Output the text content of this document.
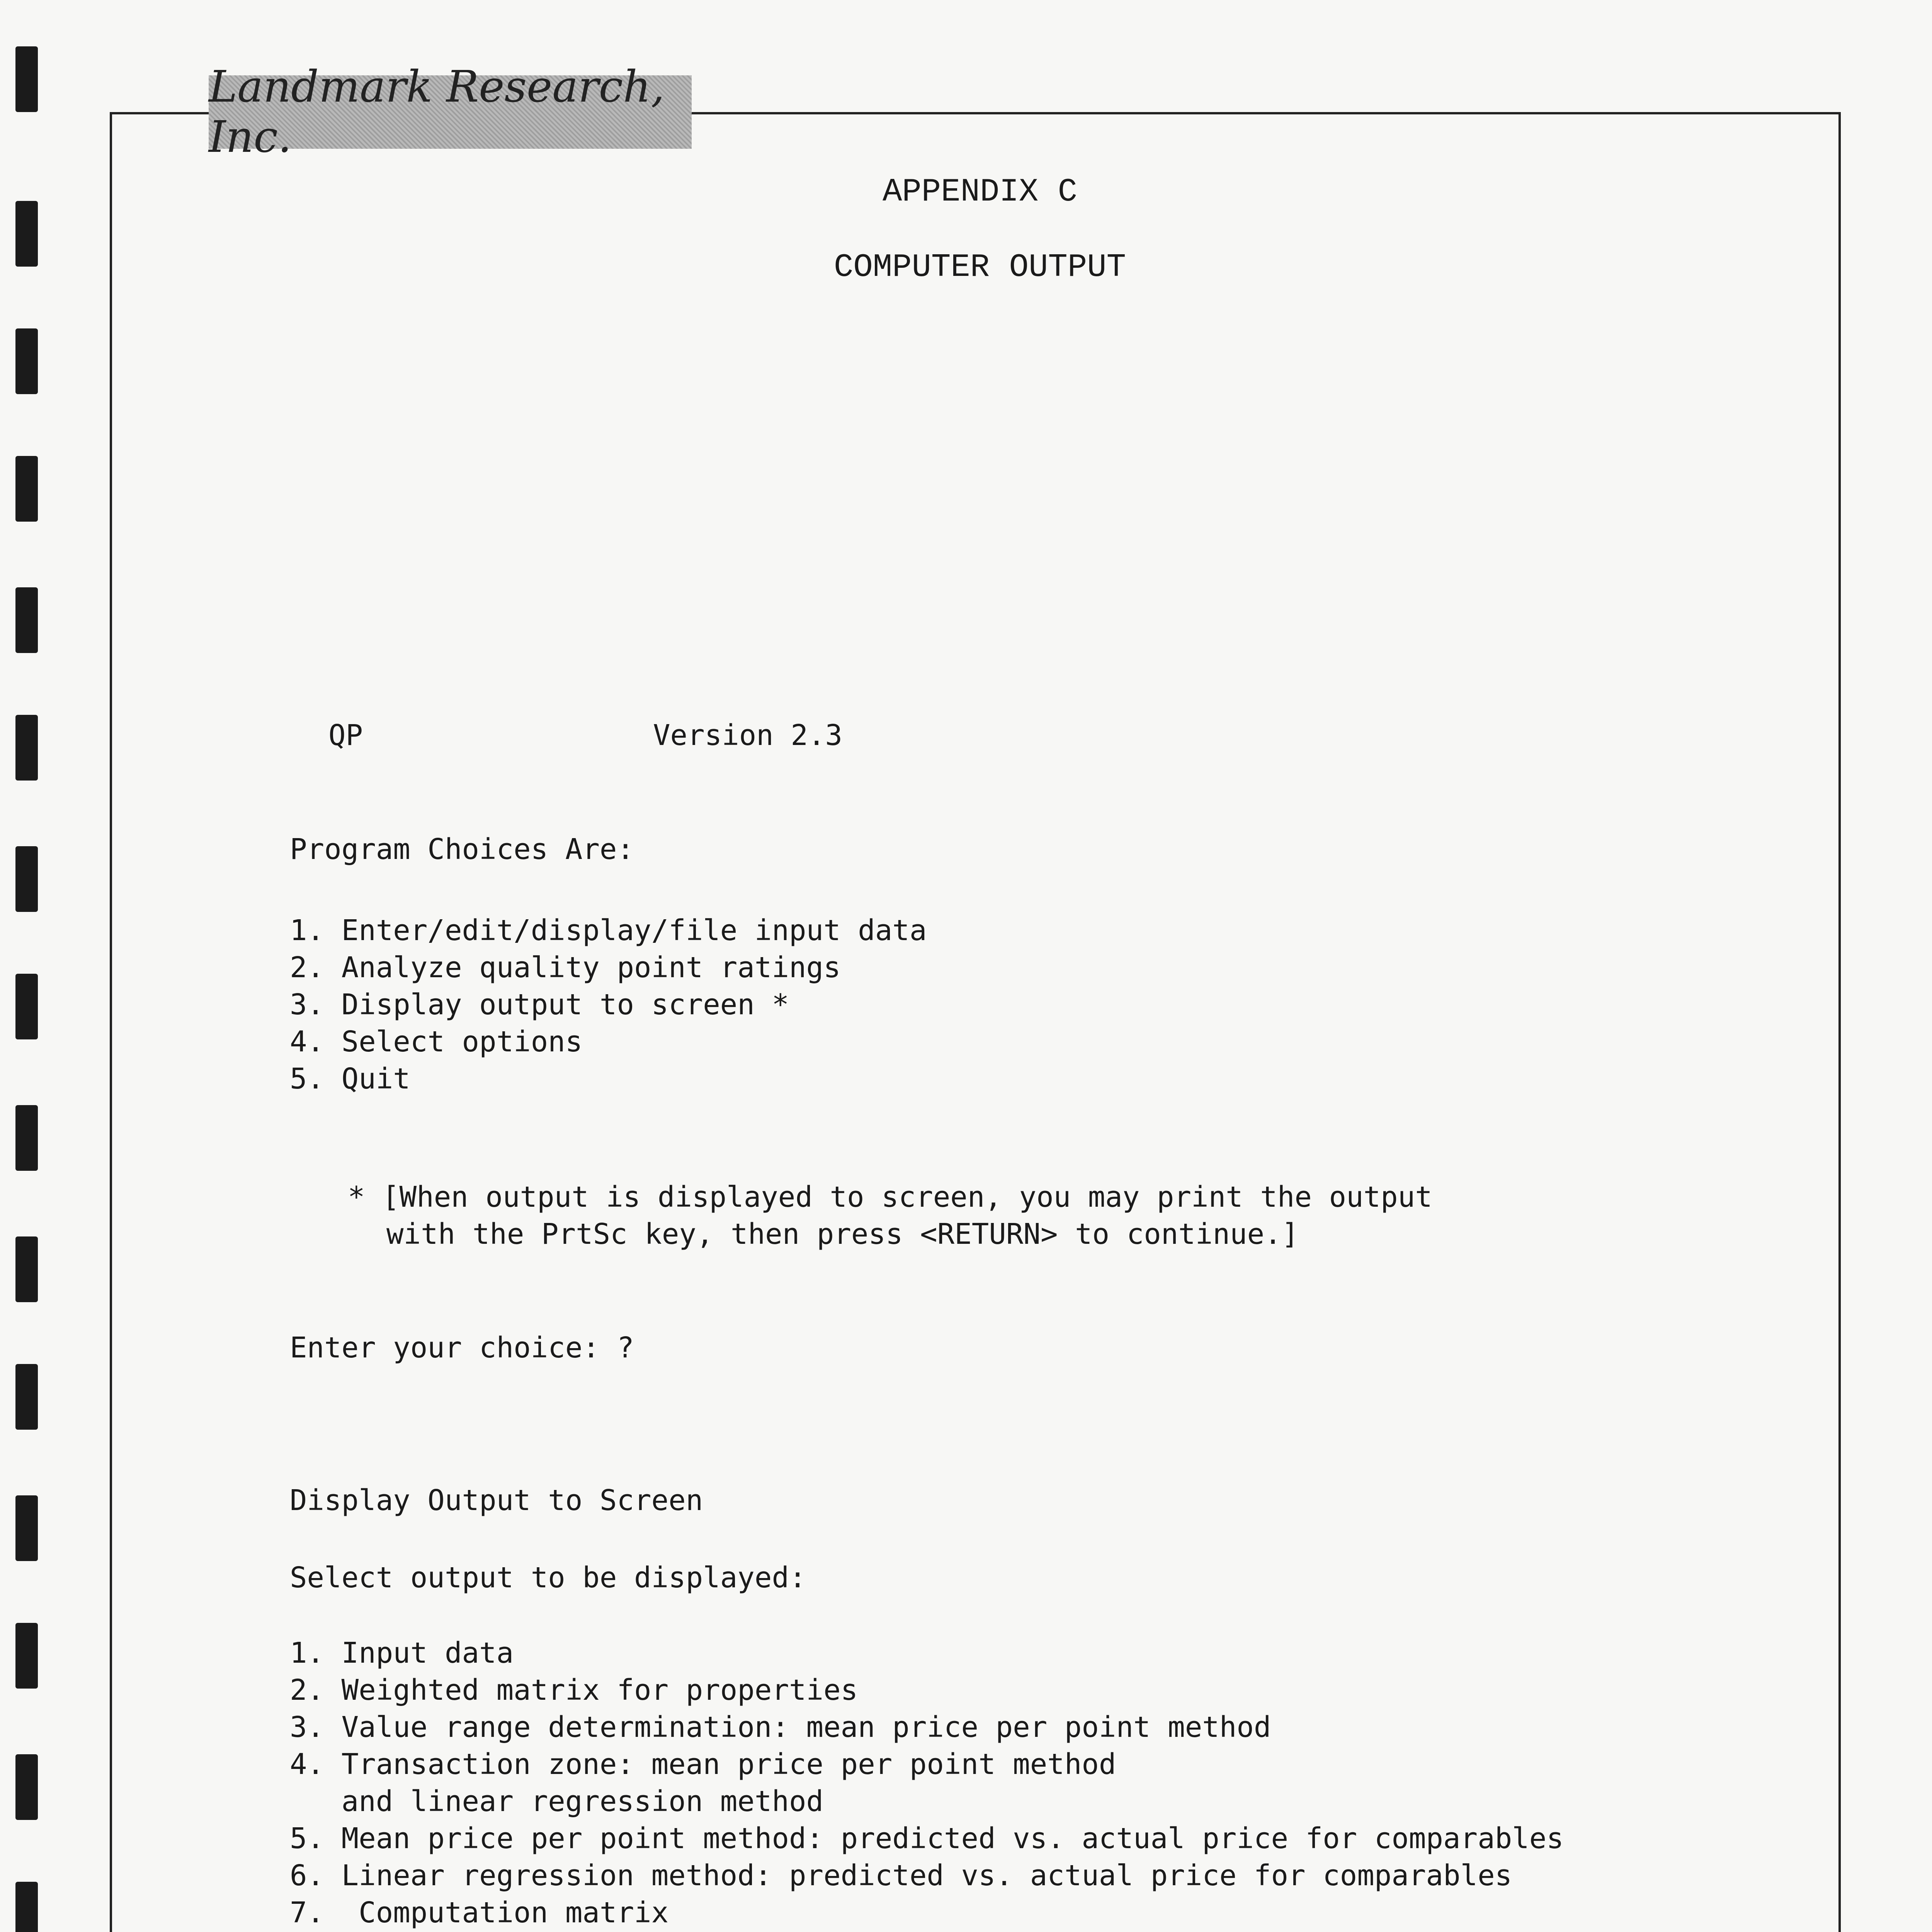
Landmark Research, Inc.
APPENDIX C
COMPUTER OUTPUT
QP	Version 2.3
Program Choices Are:
1. Enter/edit/display/file input data
2. Analyze quality point ratings
3. Display output to screen *
4. Select options
5. Quit
* [When output is displayed to screen, you may print the output
with the PrtSc key, then press <RETURN> to continue.]
Enter your choice: ?
Display Output to Screen
Select output to be displayed:
1. Input data
2. Weighted matrix for properties
3. Value range determination: mean price per point method
4. Transaction zone: mean price per point method
and linear regression method
5. Mean price per point method: predicted vs. actual price for comparables
6. Linear regression method: predicted vs. actual price for comparables
7.  Computation matrix
